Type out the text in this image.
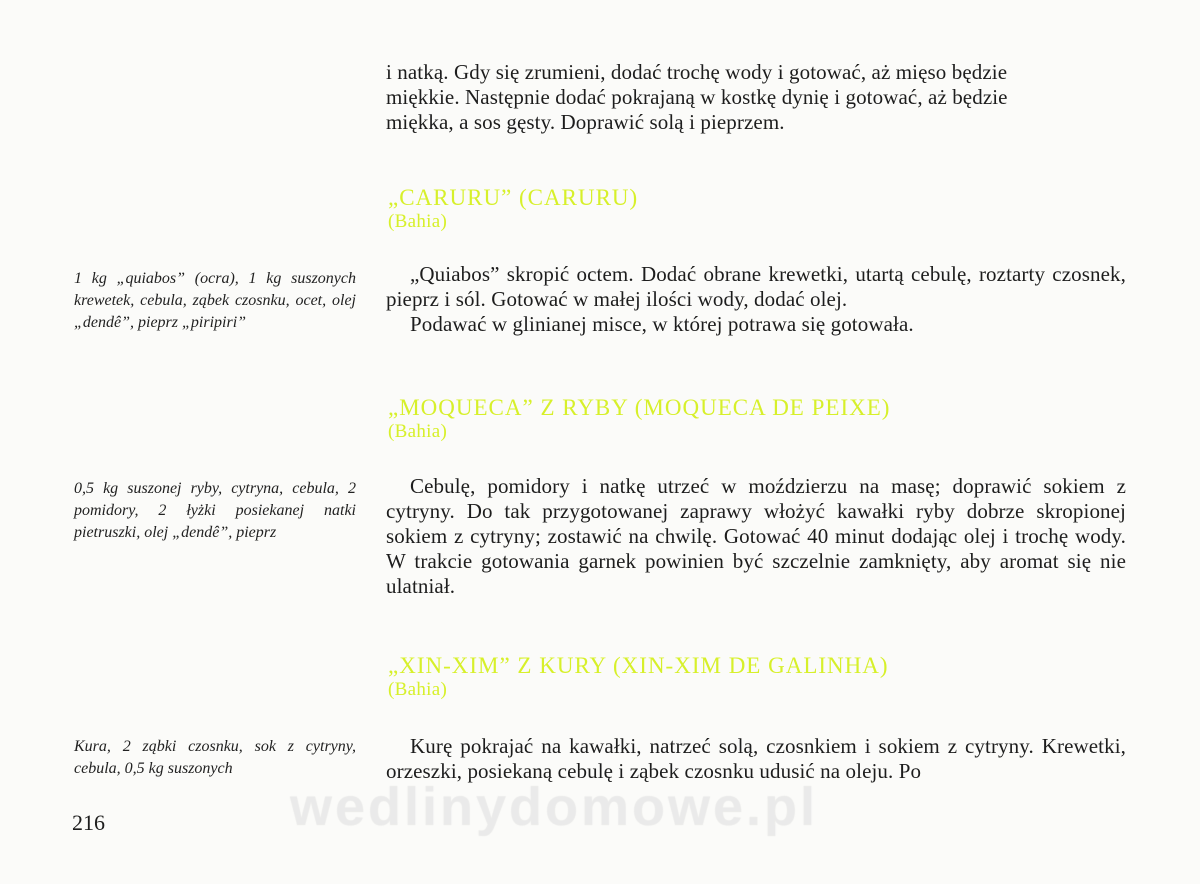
i natką. Gdy się zrumieni, dodać trochę wody i gotować, aż mięso będzie
miękkie. Następnie dodać pokrajaną w kostkę dynię i gotować, aż będzie
miękka, a sos gęsty. Doprawić solą i pieprzem.
„CARURU” (CARURU)
(Bahia)
1 kg „quiabos” (ocra), 1 kg suszonych krewetek, cebula, ząbek czosnku, ocet, olej „dendê”, pieprz „piripiri”
„Quiabos” skropić octem. Dodać obrane krewetki, utartą cebulę, roztarty czosnek, pieprz i sól. Gotować w małej ilości wody, dodać olej.
Podawać w glinianej misce, w której potrawa się gotowała.
„MOQUECA” Z RYBY (MOQUECA DE PEIXE)
(Bahia)
0,5 kg suszonej ryby, cytryna, cebula, 2 pomidory, 2 łyżki posiekanej natki pietruszki, olej „dendê”, pieprz
Cebulę, pomidory i natkę utrzeć w moździerzu na masę; doprawić sokiem z cytryny. Do tak przygotowanej zaprawy włożyć kawałki ryby dobrze skropionej sokiem z cytryny; zostawić na chwilę. Gotować 40 minut dodając olej i trochę wody. W trakcie gotowania garnek powinien być szczelnie zamknięty, aby aromat się nie ulatniał.
„XIN-XIM” Z KURY (XIN-XIM DE GALINHA)
(Bahia)
Kura, 2 ząbki czosnku, sok z cytryny, cebula, 0,5 kg suszonych
Kurę pokrajać na kawałki, natrzeć solą, czosnkiem i sokiem z cytryny. Krewetki, orzeszki, posiekaną cebulę i ząbek czosnku udusić na oleju. Po
216	wedlinydomowe.pl
